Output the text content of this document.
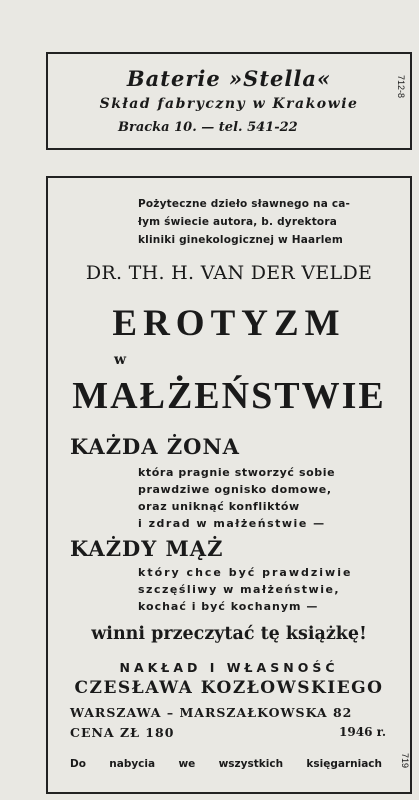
Baterie »Stella«
Skład fabryczny w Krakowie
Bracka 10. — tel. 541-22
712-8
Pożyteczne dzieło sławnego na ca-
łym świecie autora, b. dyrektora
kliniki ginekologicznej w Haarlem
DR. TH. H. VAN DER VELDE
EROTYZM
w
MAŁŻEŃSTWIE
KAŻDA ŻONA
która pragnie stworzyć sobie
prawdziwe ognisko domowe,
oraz uniknąć konfliktów
i zdrad w małżeństwie —
KAŻDY MĄŻ
który chce być prawdziwie
szczęśliwy w małżeństwie,
kochać i być kochanym —
winni przeczytać tę książkę!
NAKŁAD I WŁASNOŚĆ
CZESŁAWA KOZŁOWSKIEGO
WARSZAWA – MARSZAŁKOWSKA 82
CENA ZŁ 180	1946 r.
Do nabycia we wszystkich księgarniach 719
